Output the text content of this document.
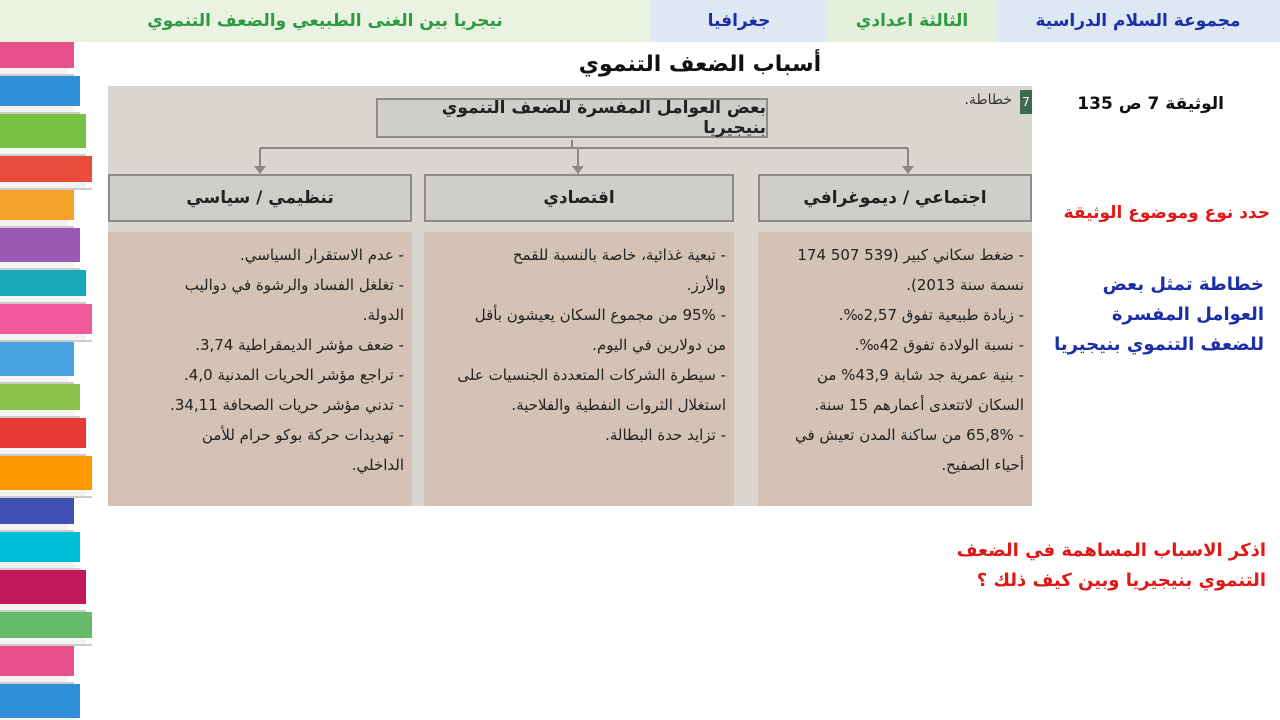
نيجريا بين الغنى الطبيعي والضعف التنموي	جغرافيا	الثالثة اعدادي	مجموعة السلام الدراسية
أسباب الضعف التنموي
7
خطاطة.
بعض العوامل المفسرة للضعف التنموي بنيجيريا
اجتماعي / ديموغرافي
اقتصادي
تنظيمي / سياسي

- ضغط سكاني كبير (539 507 174

نسمة سنة 2013).

- زيادة طبيعية تفوق 2,57‰.

- نسبة الولادة تفوق 42‰.

- بنية عمرية جد شابة 43,9% من

السكان لاتتعدى أعمارهم 15 سنة.

- 65,8% من ساكنة المدن تعيش في

أحياء الصفيح.

- تبعية غذائية، خاصة بالنسبة للقمح

والأرز.

- 95% من مجموع السكان يعيشون بأقل

من دولارين في اليوم.

- سيطرة الشركات المتعددة الجنسيات على

استغلال الثروات النفطية والفلاحية.

- تزايد حدة البطالة.

- عدم الاستقرار السياسي.

- تغلغل الفساد والرشوة في دواليب

الدولة.

- ضعف مؤشر الديمقراطية 3,74.

- تراجع مؤشر الحريات المدنية 4,0.

- تدني مؤشر حريات الصحافة 34,11.

- تهديدات حركة بوكو حرام للأمن

الداخلي.

الوثيقة 7 ص 135
حدد نوع وموضوع الوثيقة
خطاطة تمثل بعض العوامل المفسرة للضعف التنموي بنيجيريا
اذكر الاسباب المساهمة في الضعف التنموي بنيجيريا وبين كيف ذلك ؟
